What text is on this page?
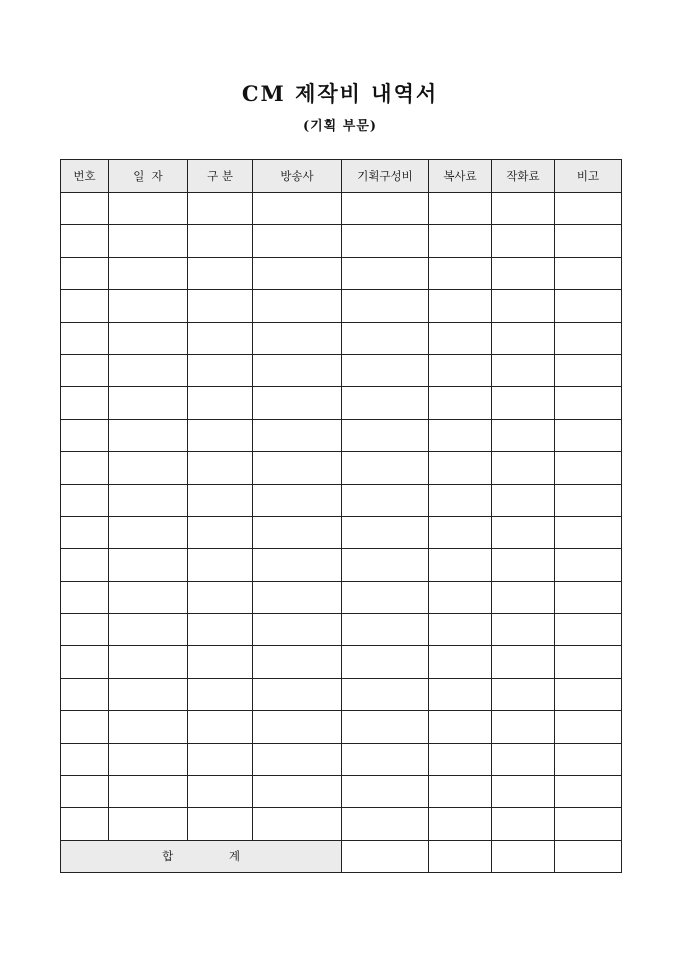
CM 제작비 내역서
(기획 부문)
번호	일  자	구 분	방송사	기획구성비	복사료	작화료	비고

합 계							
